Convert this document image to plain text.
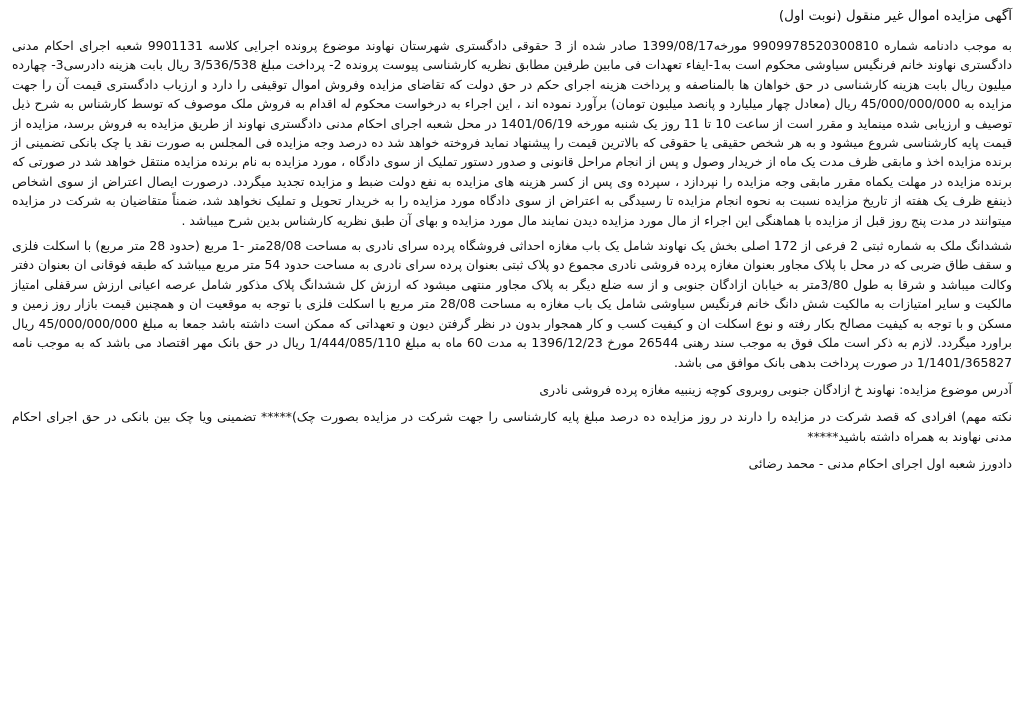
آگهی مزایده اموال غیر منقول (نوبت اول)

به موجب دادنامه شماره 9909978520300810 مورخه1399/08/17 صادر شده از 3 حقوقی دادگستری شهرستان نهاوند موضوع پرونده اجرایی کلاسه 9901131 شعبه اجرای احکام مدنی دادگستری نهاوند خانم فرنگیس سیاوشی محکوم است به1-ایفاء تعهدات فی مابین طرفین مطابق نظریه کارشناسی پیوست پرونده 2- پرداخت مبلغ 3/536/538 ریال بابت هزینه دادرسی3- چهارده میلیون ریال بابت هزینه کارشناسی در حق خواهان ها بالمناصفه و پرداخت هزینه اجرای حکم در حق دولت که تقاضای مزایده وفروش اموال توقیفی را دارد و ارزیاب دادگستری قیمت آن را جهت مزایده به 45/000/000/000 ریال (معادل چهار میلیارد و پانصد میلیون تومان) برآورد نموده اند ، این اجراء به درخواست محکوم له اقدام به فروش ملک موصوف که توسط کارشناس به شرح ذیل توصیف و ارزیابی شده مینماید و مقرر است از ساعت 10 تا 11 روز یک شنبه مورخه 1401/06/19 در محل شعبه اجرای احکام مدنی دادگستری نهاوند از طریق مزایده به فروش برسد، مزایده از قیمت پایه کارشناسی شروع میشود و به هر شخص حقیقی یا حقوقی که بالاترین قیمت را پیشنهاد نماید فروخته خواهد شد ده درصد وجه مزایده فی المجلس به صورت نقد یا چک بانکی تضمینی از برنده مزایده اخذ و مابقی ظرف مدت یک ماه از خریدار وصول و پس از انجام مراحل قانونی و صدور دستور تملیک از سوی دادگاه ، مورد مزایده به نام برنده مزایده منتقل خواهد شد در صورتی که برنده مزایده در مهلت یکماه مقرر مابقی وجه مزایده را نپردازد ، سپرده وی پس از کسر هزینه های مزایده به نفع دولت ضبط و مزایده تجدید میگردد. درصورت ایصال اعتراض از سوی اشخاص ذینفع ظرف یک هفته از تاریخ مزایده نسبت به نحوه انجام مزایده تا رسیدگی به اعتراض از سوی دادگاه مورد مزایده را به خریدار تحویل و تملیک نخواهد شد، ضمناً متقاضیان به شرکت در مزایده میتوانند در مدت پنج روز قبل از مزایده با هماهنگی این اجراء از مال مورد مزایده دیدن نمایند مال مورد مزایده و بهای آن طبق نظریه کارشناس بدین شرح میباشد .

ششدانگ ملک به شماره ثبتی 2 فرعی از 172 اصلی بخش یک نهاوند شامل یک باب مغازه احداثی فروشگاه پرده سرای نادری به مساحت 28/08متر -1 مربع (حدود 28 متر مربع) با اسکلت فلزی و سقف طاق ضربی که در محل با پلاک مجاور بعنوان مغازه پرده فروشی نادری مجموع دو پلاک ثبتی بعنوان پرده سرای نادری به مساحت حدود 54 متر مربع میباشد که طبقه فوقانی ان بعنوان دفتر وکالت میباشد و شرقا به طول 3/80متر به خیابان ازادگان جنوبی و از سه ضلع دیگر به پلاک مجاور منتهی میشود که ارزش کل ششدانگ پلاک مذکور شامل عرصه اعیانی ارزش سرقفلی امتیاز مالکیت و سایر امتیازات به مالکیت شش دانگ خانم فرنگیس سیاوشی شامل یک باب مغازه به مساحت 28/08 متر مربع با اسکلت فلزی با توجه به موقعیت ان و همچنین قیمت بازار روز زمین و مسکن و با توجه به کیفیت مصالح بکار رفته و نوع اسکلت ان و کیفیت کسب و کار همجوار بدون در نظر گرفتن دیون و تعهداتی که ممکن است داشته باشد جمعا به مبلغ 45/000/000/000 ریال براورد میگردد. لازم به ذکر است ملک فوق به موجب سند رهنی 26544 مورخ 1396/12/23 به مدت 60 ماه به مبلغ 1/444/085/110 ریال در حق بانک مهر اقتصاد می باشد که به موجب نامه 1/1401/365827 در صورت پرداخت بدهی بانک موافق می باشد.

آدرس موضوع مزایده: نهاوند خ ازادگان جنوبی روبروی کوچه زینبیه مغازه پرده فروشی نادری

نکته مهم) افرادی که قصد شرکت در مزایده را دارند در روز مزایده ده درصد مبلغ پایه کارشناسی را جهت شرکت در مزایده بصورت چک)***** تضمینی ویا چک بین بانکی در حق اجرای احکام مدنی نهاوند به همراه داشته باشید*****

دادورز شعبه اول اجرای احکام مدنی - محمد رضائی
